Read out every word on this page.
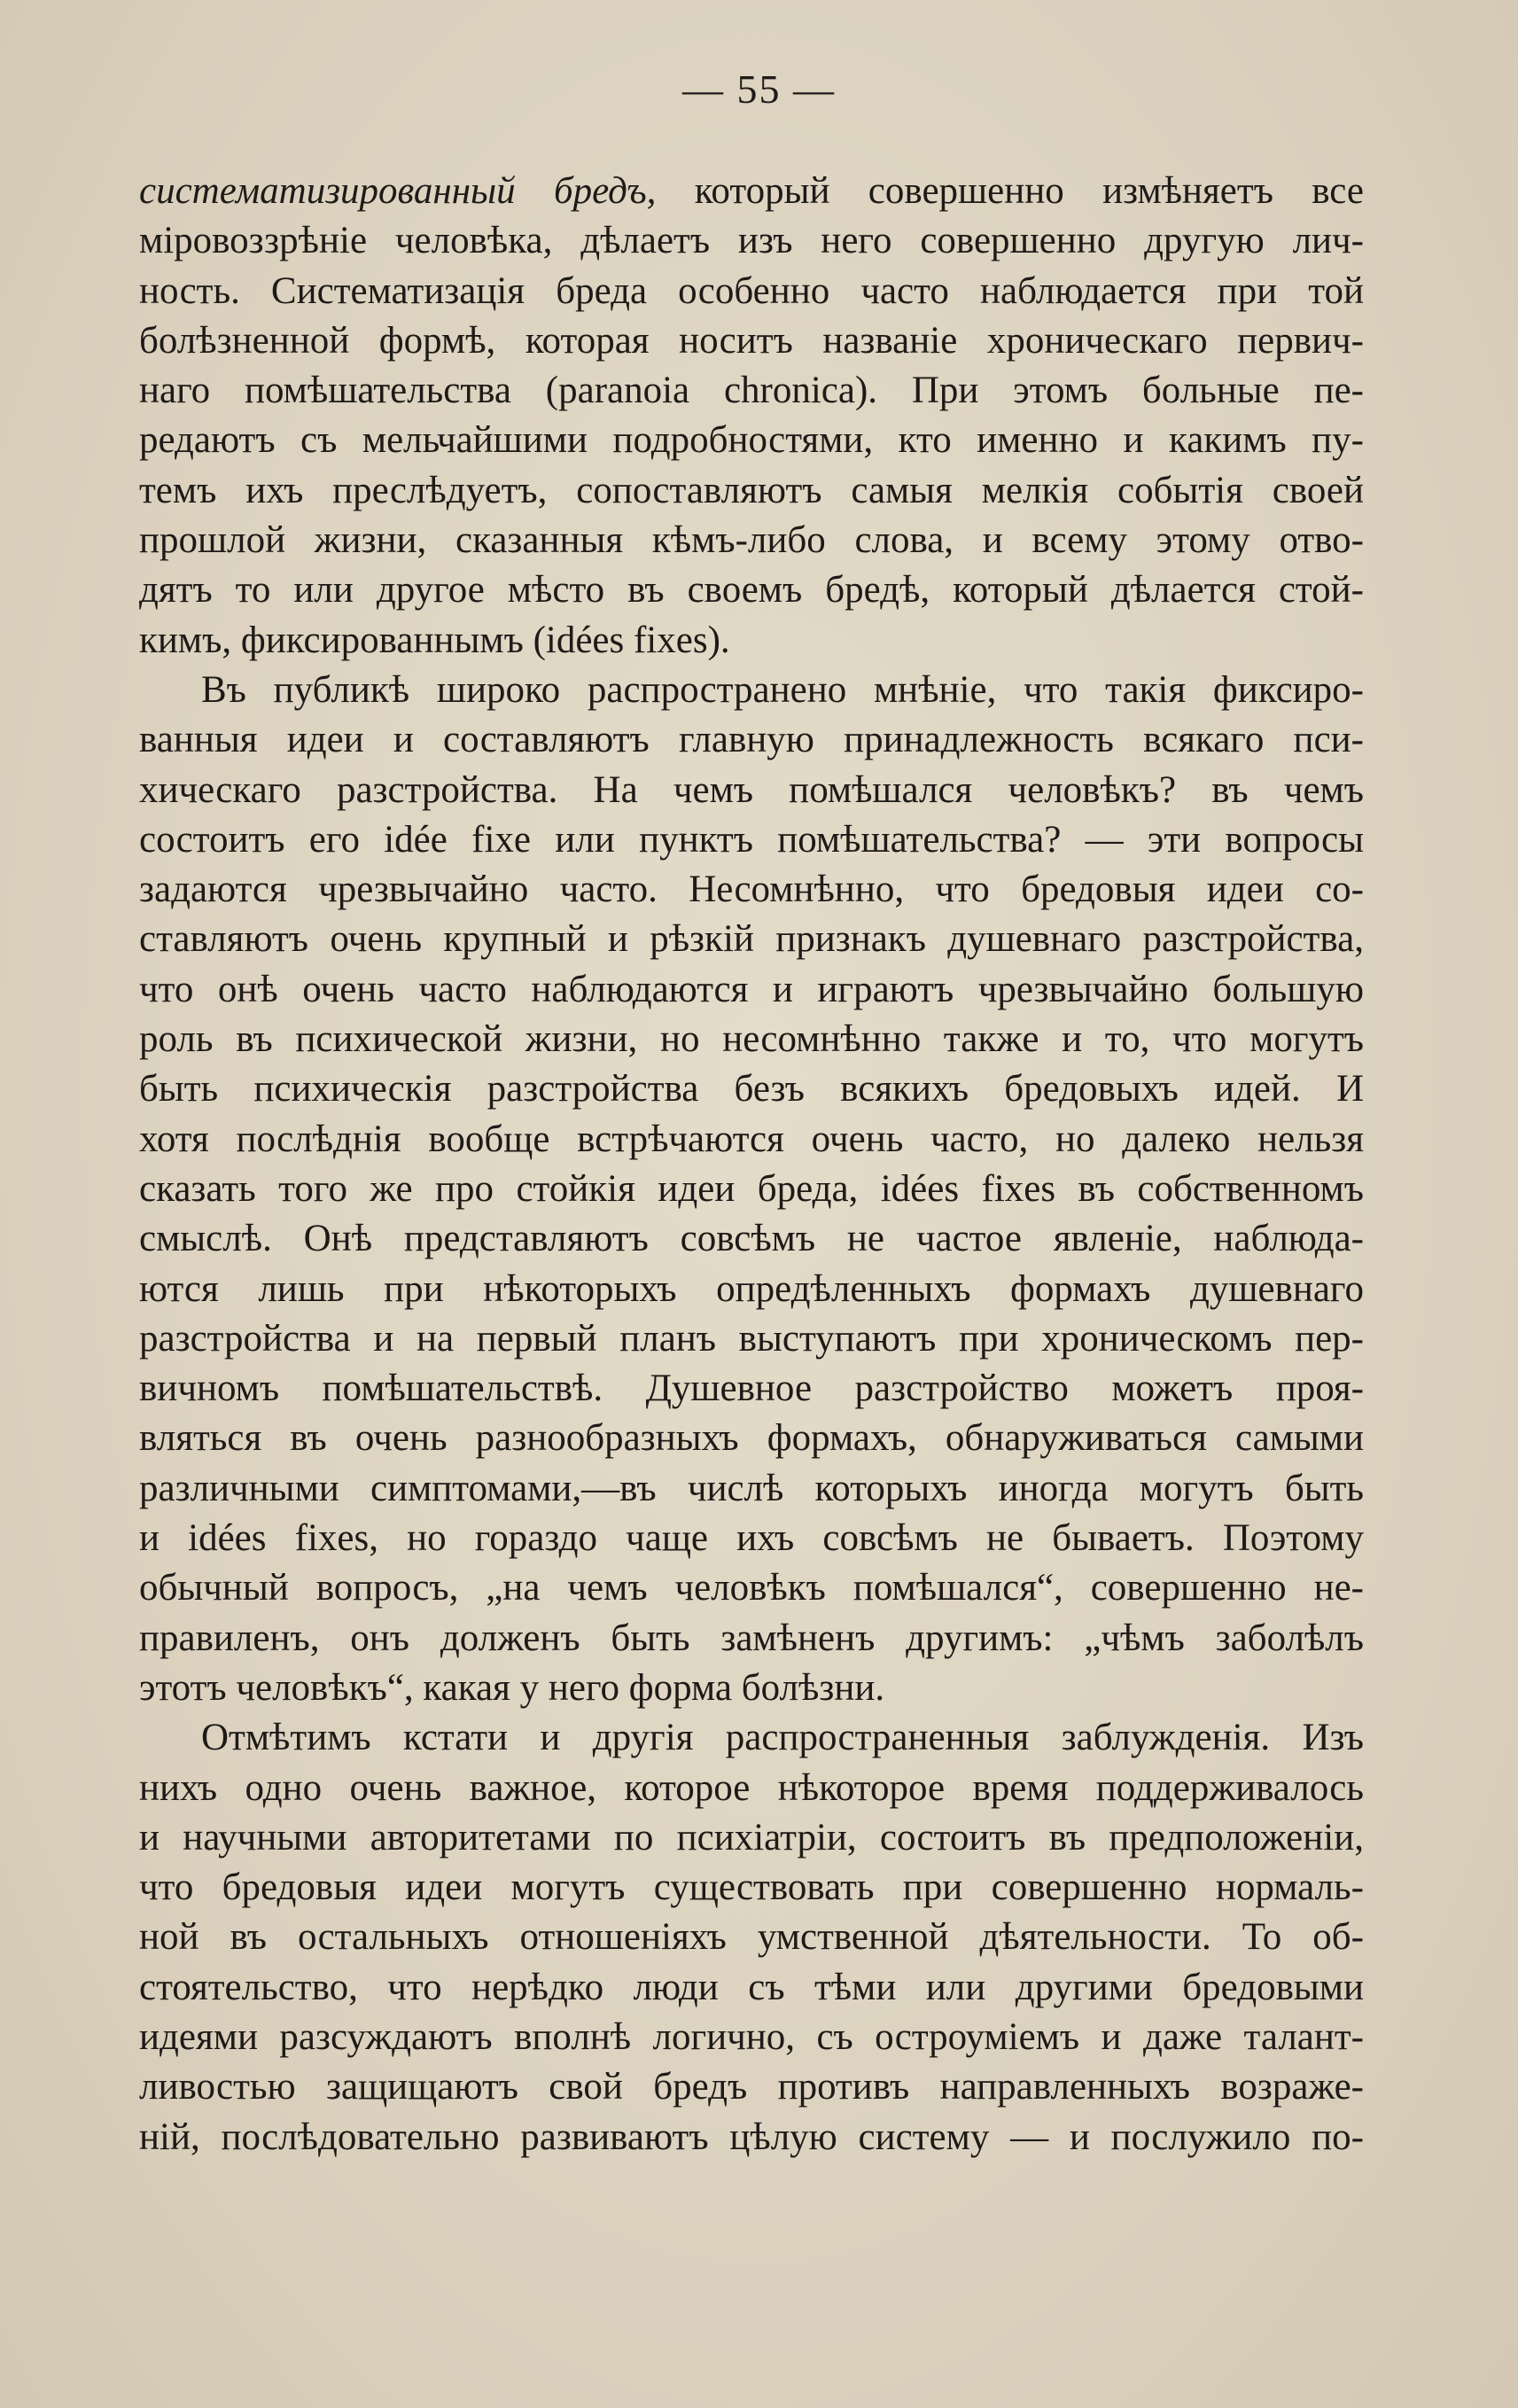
— 55 —
систематизированный бредъ, который совершенно измѣняетъ все
міровоззрѣніе человѣка, дѣлаетъ изъ него совершенно другую лич-
ность. Систематизація бреда особенно часто наблюдается при той
болѣзненной формѣ, которая носитъ названіе хроническаго первич-
наго помѣшательства (paranoia chronica). При этомъ больные пе-
редаютъ съ мельчайшими подробностями, кто именно и какимъ пу-
темъ ихъ преслѣдуетъ, сопоставляютъ самыя мелкія событія своей
прошлой жизни, сказанныя кѣмъ-либо слова, и всему этому отво-
дятъ то или другое мѣсто въ своемъ бредѣ, который дѣлается стой-
кимъ, фиксированнымъ (idées fixes).
Въ публикѣ широко распространено мнѣніе, что такія фиксиро-
ванныя идеи и составляютъ главную принадлежность всякаго пси-
хическаго разстройства. На чемъ помѣшался человѣкъ? въ чемъ
состоитъ его idée fixe или пунктъ помѣшательства? — эти вопросы
задаются чрезвычайно часто. Несомнѣнно, что бредовыя идеи со-
ставляютъ очень крупный и рѣзкій признакъ душевнаго разстройства,
что онѣ очень часто наблюдаются и играютъ чрезвычайно большую
роль въ психической жизни, но несомнѣнно также и то, что могутъ
быть психическія разстройства безъ всякихъ бредовыхъ идей. И
хотя послѣднія вообще встрѣчаются очень часто, но далеко нельзя
сказать того же про стойкія идеи бреда, idées fixes въ собственномъ
смыслѣ. Онѣ представляютъ совсѣмъ не частое явленіе, наблюда-
ются лишь при нѣкоторыхъ опредѣленныхъ формахъ душевнаго
разстройства и на первый планъ выступаютъ при хроническомъ пер-
вичномъ помѣшательствѣ. Душевное разстройство можетъ проя-
вляться въ очень разнообразныхъ формахъ, обнаруживаться самыми
различными симптомами,—въ числѣ которыхъ иногда могутъ быть
и idées fixes, но гораздо чаще ихъ совсѣмъ не бываетъ. Поэтому
обычный вопросъ, „на чемъ человѣкъ помѣшался“, совершенно не-
правиленъ, онъ долженъ быть замѣненъ другимъ: „чѣмъ заболѣлъ
этотъ человѣкъ“, какая у него форма болѣзни.
Отмѣтимъ кстати и другія распространенныя заблужденія. Изъ
нихъ одно очень важное, которое нѣкоторое время поддерживалось
и научными авторитетами по психіатріи, состоитъ въ предположеніи,
что бредовыя идеи могутъ существовать при совершенно нормаль-
ной въ остальныхъ отношеніяхъ умственной дѣятельности. То об-
стоятельство, что нерѣдко люди съ тѣми или другими бредовыми
идеями разсуждаютъ вполнѣ логично, съ остроуміемъ и даже талант-
ливостью защищаютъ свой бредъ противъ направленныхъ возраже-
ній, послѣдовательно развиваютъ цѣлую систему — и послужило по-
